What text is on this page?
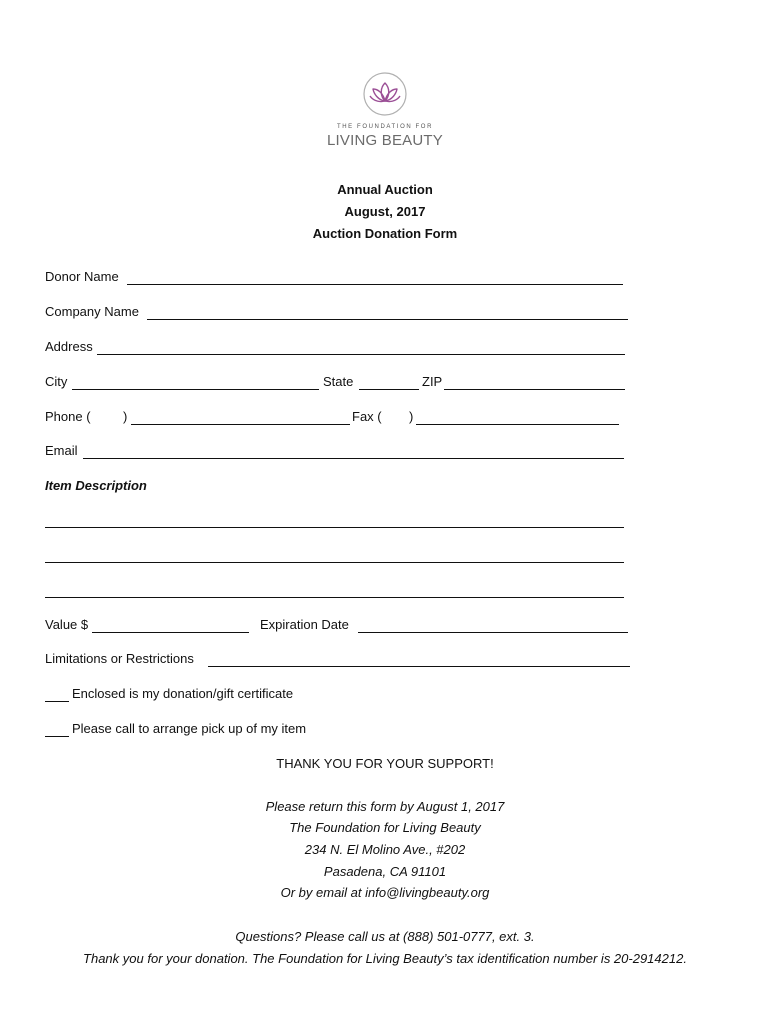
THE FOUNDATION FOR
LIVING BEAUTY
Annual Auction
August, 2017
Auction Donation Form
Donor Name
Company Name
Address
City	State	ZIP
Phone ( )	Fax ( )
Email
Item Description
Value $	Expiration Date
Limitations or Restrictions
Enclosed is my donation/gift certificate
Please call to arrange pick up of my item
THANK YOU FOR YOUR SUPPORT!
Please return this form by August 1, 2017
The Foundation for Living Beauty
234 N. El Molino Ave., #202
Pasadena, CA 91101
Or by email at info@livingbeauty.org
Questions? Please call us at (888) 501-0777, ext. 3.
Thank you for your donation. The Foundation for Living Beauty’s tax identification number is 20-2914212.
